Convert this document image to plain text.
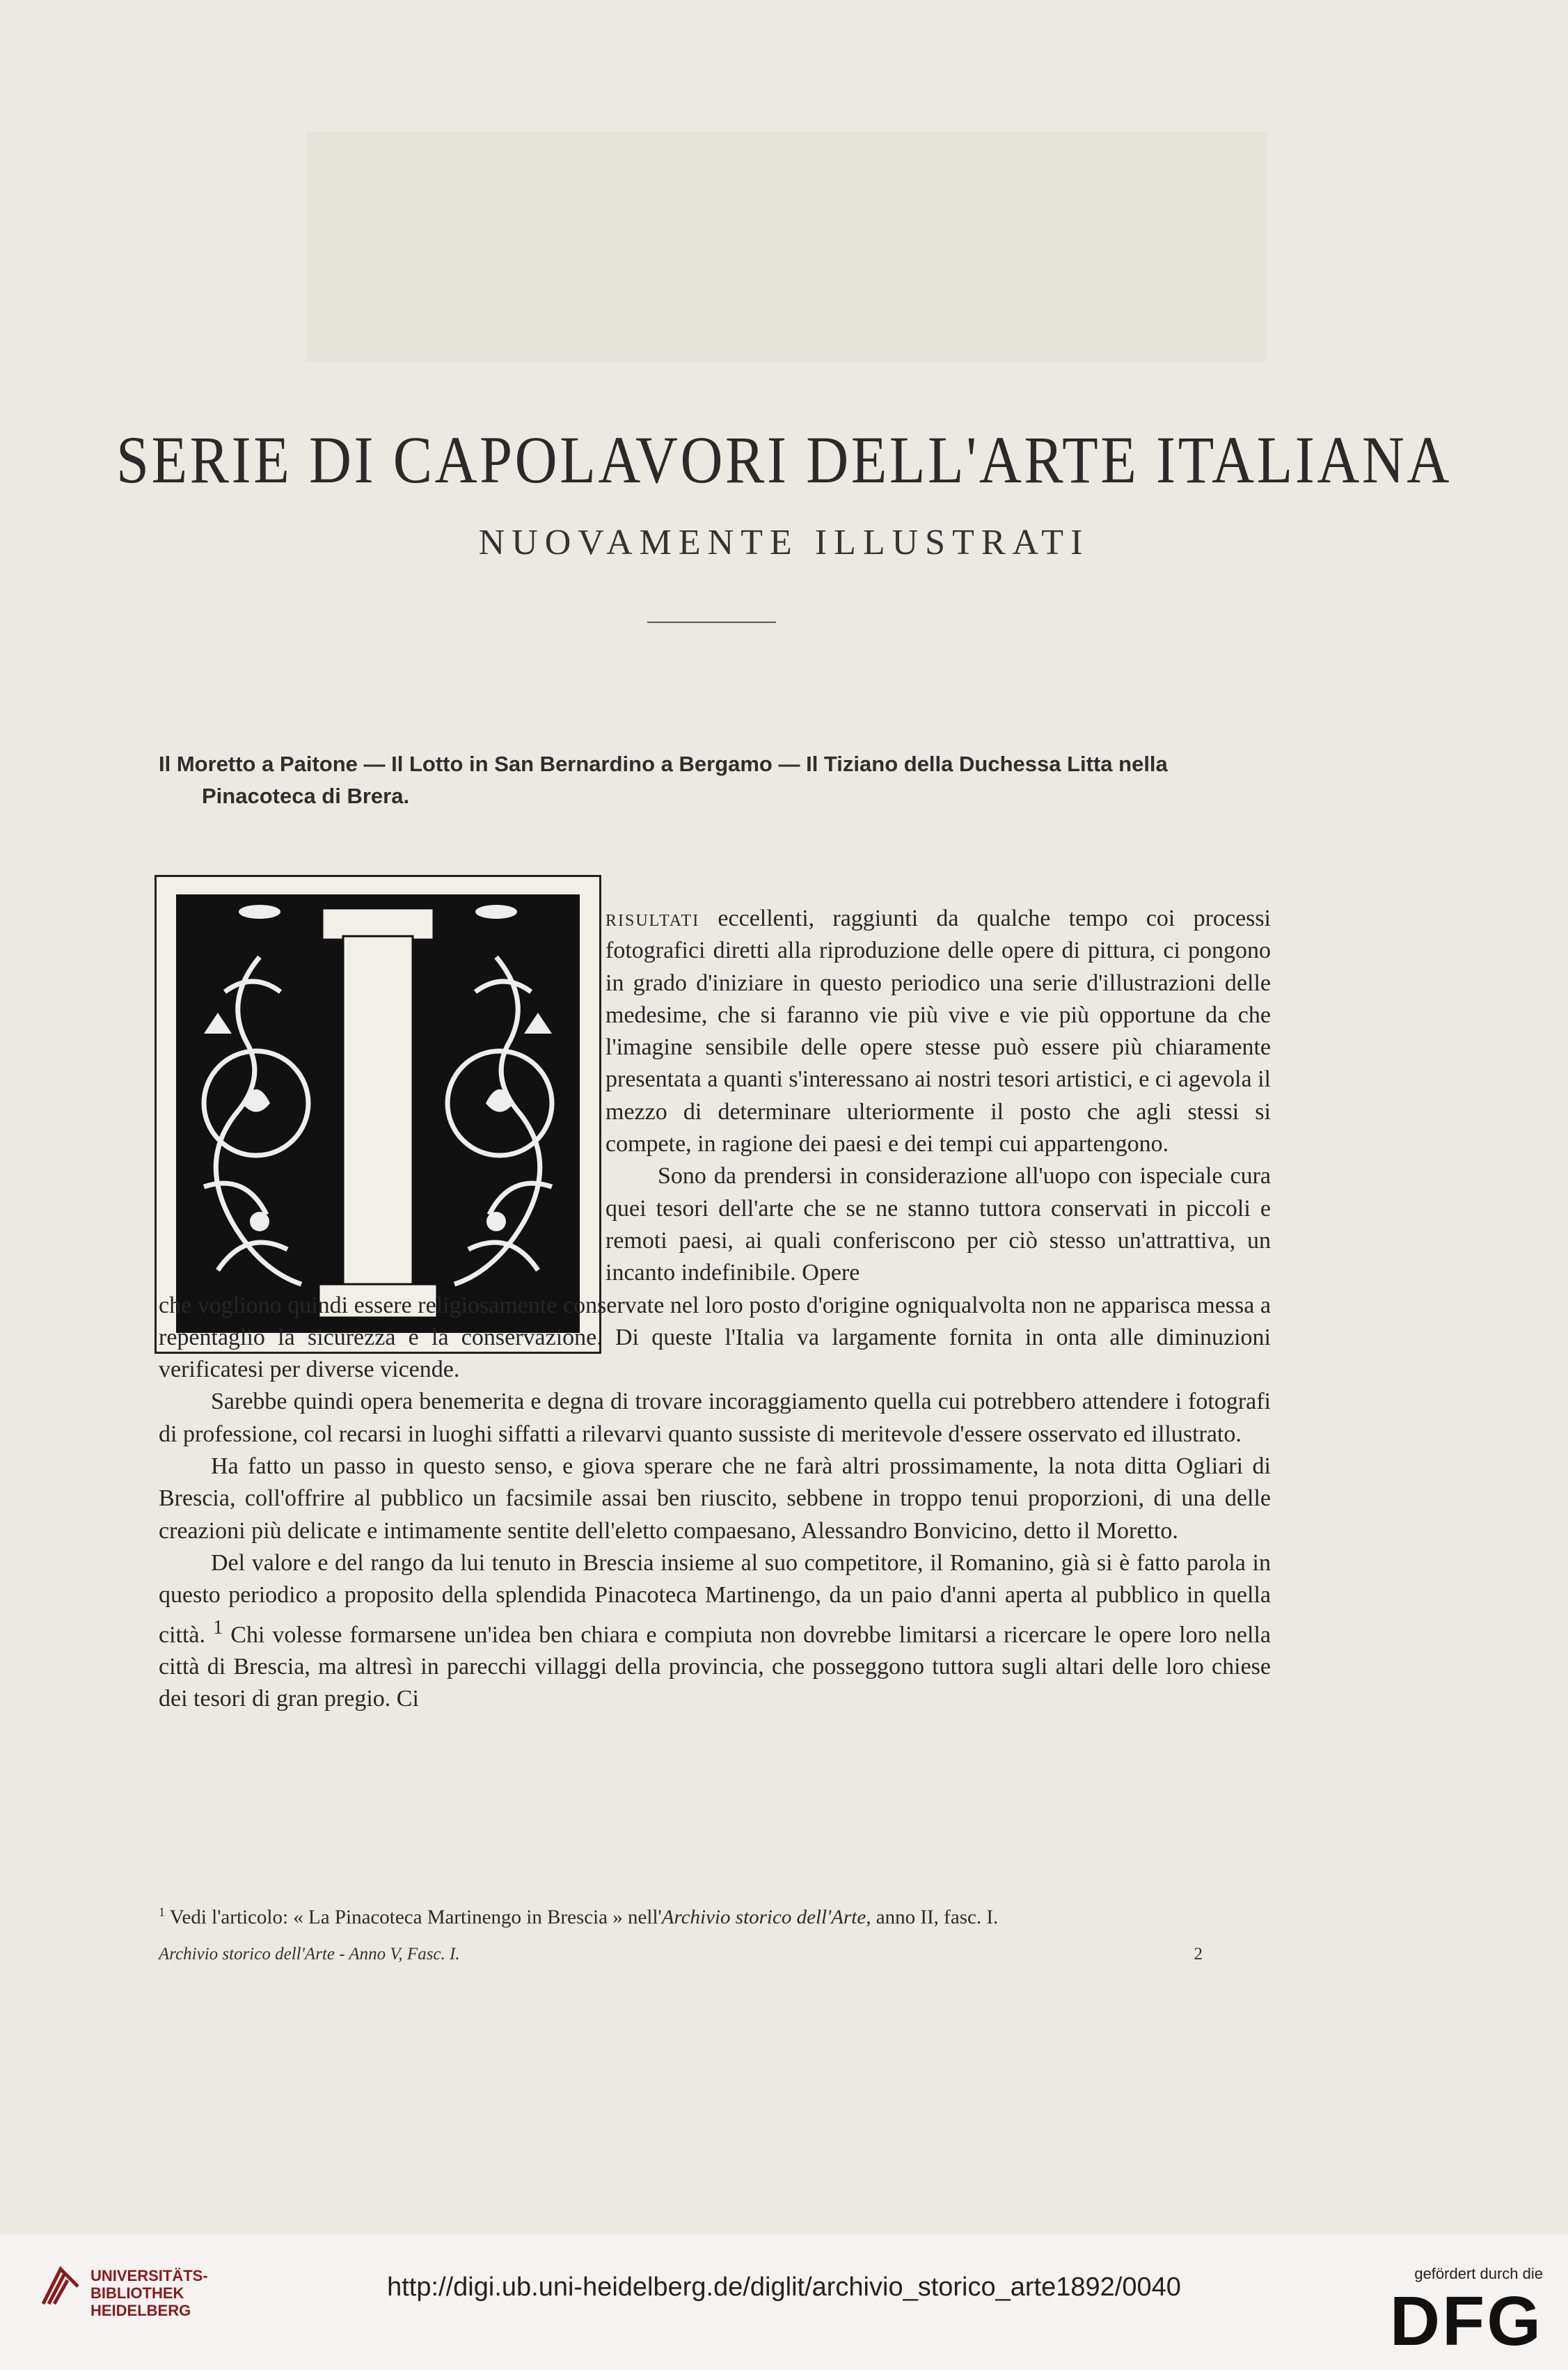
SERIE DI CAPOLAVORI DELL'ARTE ITALIANA
NUOVAMENTE ILLUSTRATI
Il Moretto a Paitone — Il Lotto in San Bernardino a Bergamo — Il Tiziano della Duchessa Litta nella
Pinacoteca di Brera.

risultati eccellenti, raggiunti da qualche tempo coi processi fotografici diretti alla riproduzione delle opere di pittura, ci pongono in grado d'iniziare in questo periodico una serie d'illustrazioni delle medesime, che si faranno vie più vive e vie più opportune da che l'imagine sensibile delle opere stesse può essere più chiaramente presentata a quanti s'interessano ai nostri tesori artistici, e ci agevola il mezzo di determinare ulteriormente il posto che agli stessi si compete, in ragione dei paesi e dei tempi cui appartengono.

Sono da prendersi in considerazione all'uopo con ispeciale cura quei tesori dell'arte che se ne stanno tuttora conservati in piccoli e remoti paesi, ai quali conferiscono per ciò stesso un'attrattiva, un incanto indefinibile. Opere

che vogliono quindi essere religiosamente conservate nel loro posto d'origine ogniqualvolta non ne apparisca messa a repentaglio la sicurezza e la conservazione. Di queste l'Italia va largamente fornita in onta alle diminuzioni verificatesi per diverse vicende.

Sarebbe quindi opera benemerita e degna di trovare incoraggiamento quella cui potrebbero attendere i fotografi di professione, col recarsi in luoghi siffatti a rilevarvi quanto sussiste di meritevole d'essere osservato ed illustrato.

Ha fatto un passo in questo senso, e giova sperare che ne farà altri prossimamente, la nota ditta Ogliari di Brescia, coll'offrire al pubblico un facsimile assai ben riuscito, sebbene in troppo tenui proporzioni, di una delle creazioni più delicate e intimamente sentite dell'eletto compaesano, Alessandro Bonvicino, detto il Moretto.

Del valore e del rango da lui tenuto in Brescia insieme al suo competitore, il Romanino, già si è fatto parola in questo periodico a proposito della splendida Pinacoteca Martinengo, da un paio d'anni aperta al pubblico in quella città. $^1$ Chi volesse formarsene un'idea ben chiara e compiuta non dovrebbe limitarsi a ricercare le opere loro nella città di Brescia, ma altresì in parecchi villaggi della provincia, che posseggono tuttora sugli altari delle loro chiese dei tesori di gran pregio. Ci

$^1$ Vedi l'articolo: « La Pinacoteca Martinengo in Brescia » nell'Archivio storico dell'Arte, anno II, fasc. I.
Archivio storico dell'Arte - Anno V, Fasc. I.	2
UNIVERSITÄTS-
BIBLIOTHEK
HEIDELBERG
http://digi.ub.uni-heidelberg.de/diglit/archivio_storico_arte1892/0040	gefördert durch die
DFG
